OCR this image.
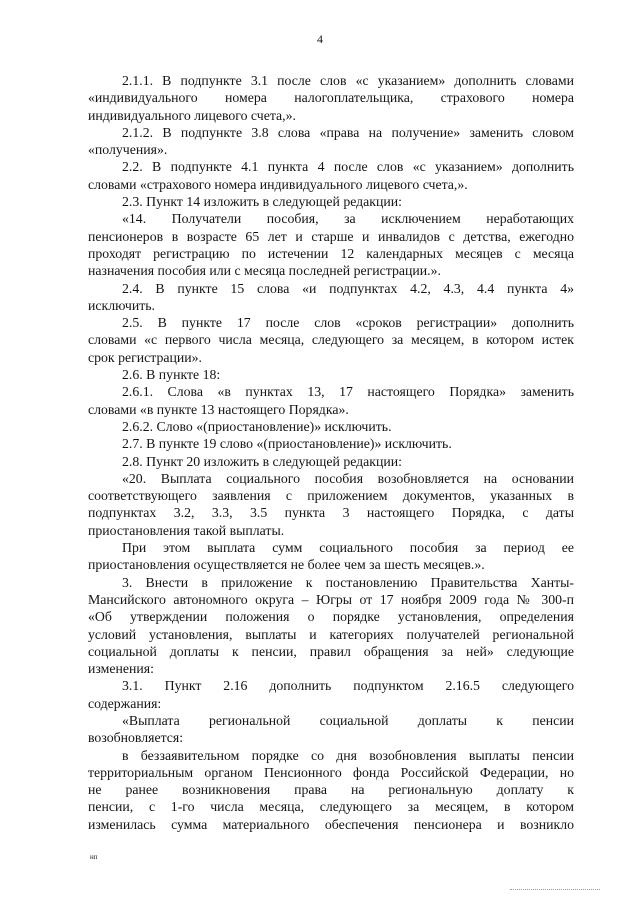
4
2.1.1. В подпункте 3.1 после слов «с указанием» дополнить словами
«индивидуального номера налогоплательщика, страхового номера
индивидуального лицевого счета,».
2.1.2. В подпункте 3.8 слова «права на получение» заменить словом
«получения».
2.2. В подпункте 4.1 пункта 4 после слов «с указанием» дополнить
словами «страхового номера индивидуального лицевого счета,».
2.3. Пункт 14 изложить в следующей редакции:
«14. Получатели пособия, за исключением неработающих
пенсионеров в возрасте 65 лет и старше и инвалидов с детства, ежегодно
проходят регистрацию по истечении 12 календарных месяцев с месяца
назначения пособия или с месяца последней регистрации.».
2.4. В пункте 15 слова «и подпунктах 4.2, 4.3, 4.4 пункта 4»
исключить.
2.5. В пункте 17 после слов «сроков регистрации» дополнить
словами «с первого числа месяца, следующего за месяцем, в котором истек
срок регистрации».
2.6. В пункте 18:
2.6.1. Слова «в пунктах 13, 17 настоящего Порядка» заменить
словами «в пункте 13 настоящего Порядка».
2.6.2. Слово «(приостановление)» исключить.
2.7. В пункте 19 слово «(приостановление)» исключить.
2.8. Пункт 20 изложить в следующей редакции:
«20. Выплата социального пособия возобновляется на основании
соответствующего заявления с приложением документов, указанных в
подпунктах 3.2, 3.3, 3.5 пункта 3 настоящего Порядка, с даты
приостановления такой выплаты.
При этом выплата сумм социального пособия за период ее
приостановления осуществляется не более чем за шесть месяцев.».
3. Внести в приложение к постановлению Правительства Ханты-
Мансийского автономного округа – Югры от 17 ноября 2009 года № 300-п
«Об утверждении положения о порядке установления, определения
условий установления, выплаты и категориях получателей региональной
социальной доплаты к пенсии, правил обращения за ней» следующие
изменения:
3.1. Пункт 2.16 дополнить подпунктом 2.16.5 следующего
содержания:
«Выплата региональной социальной доплаты к пенсии
возобновляется:
в беззаявительном порядке со дня возобновления выплаты пенсии
территориальным органом Пенсионного фонда Российской Федерации, но
не ранее возникновения права на региональную доплату к
пенсии, с 1-го числа месяца, следующего за месяцем, в котором
изменилась сумма материального обеспечения пенсионера и возникло
нп
